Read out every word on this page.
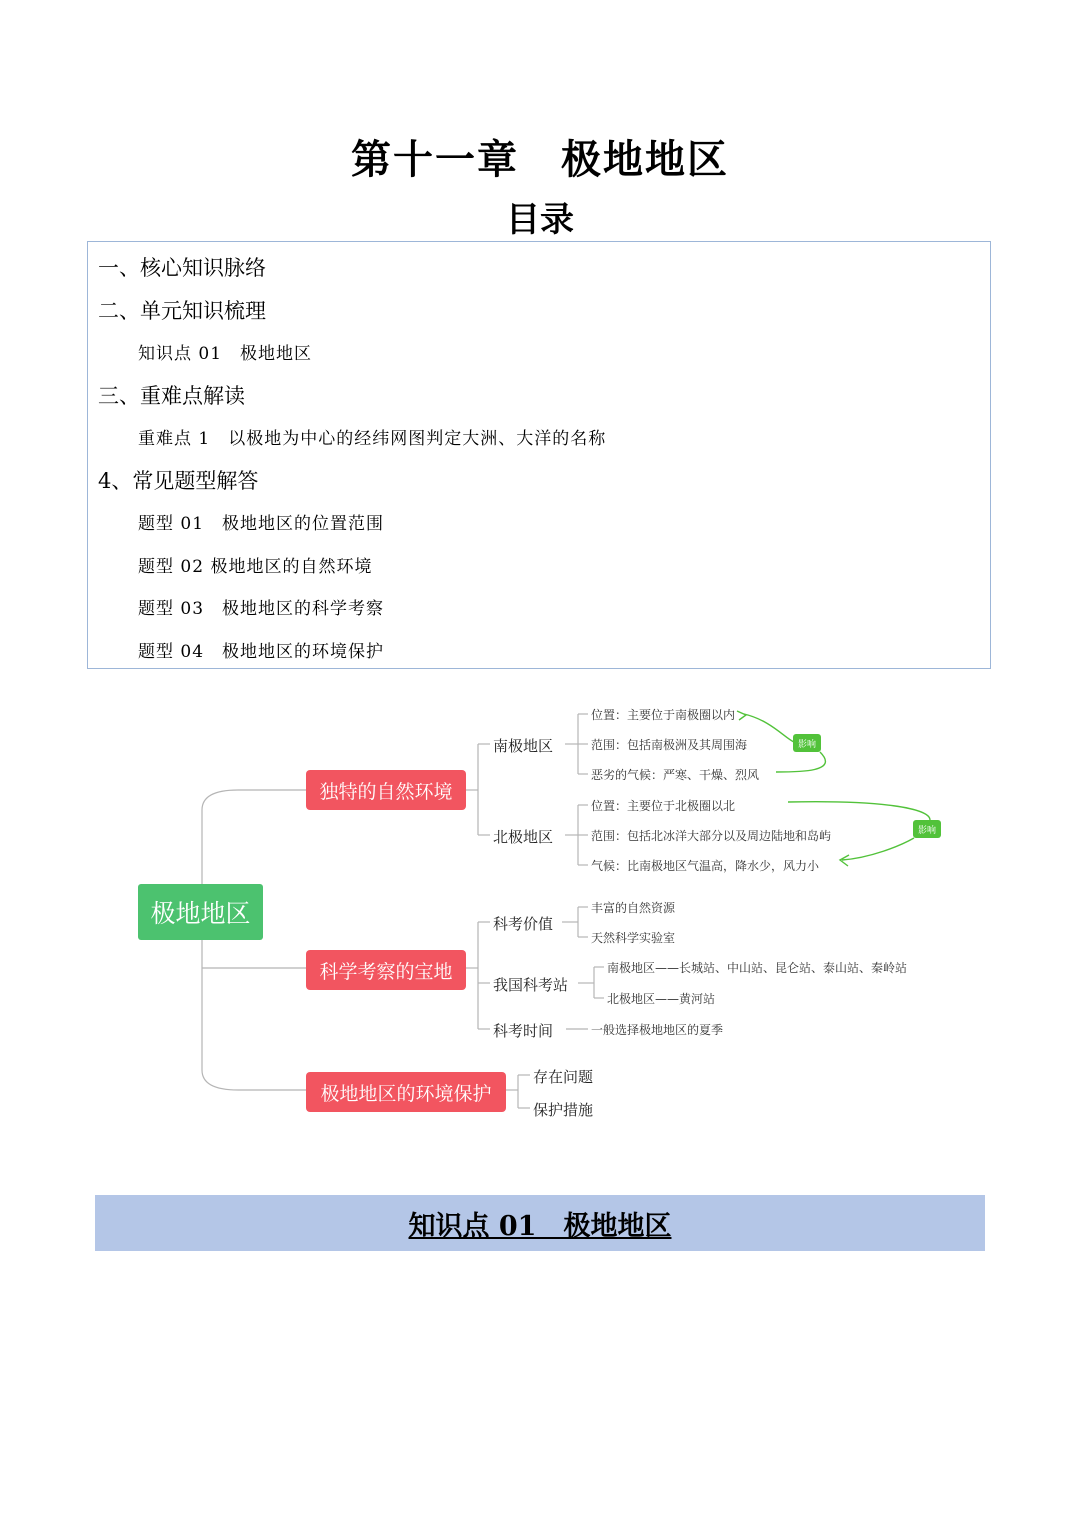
第十一章　极地地区
目录
一、核心知识脉络
二、单元知识梳理
知识点 01　极地地区
三、重难点解读
重难点 1　以极地为中心的经纬网图判定大洲、大洋的名称
4、常见题型解答
题型 01　极地地区的位置范围
题型 02 极地地区的自然环境
题型 03　极地地区的科学考察
题型 04　极地地区的环境保护
极地地区
独特的自然环境
科学考察的宝地
极地地区的环境保护
南极地区
位置：主要位于南极圈以内
范围：包括南极洲及其周围海
恶劣的气候：严寒、干燥、烈风
影响
北极地区
位置：主要位于北极圈以北
范围：包括北冰洋大部分以及周边陆地和岛屿
气候：比南极地区气温高，降水少，风力小
影响
科考价值
丰富的自然资源
天然科学实验室
我国科考站
南极地区——长城站、中山站、昆仑站、泰山站、秦岭站
北极地区——黄河站
科考时间	一般选择极地地区的夏季
存在问题
保护措施
知识点 01　极地地区
